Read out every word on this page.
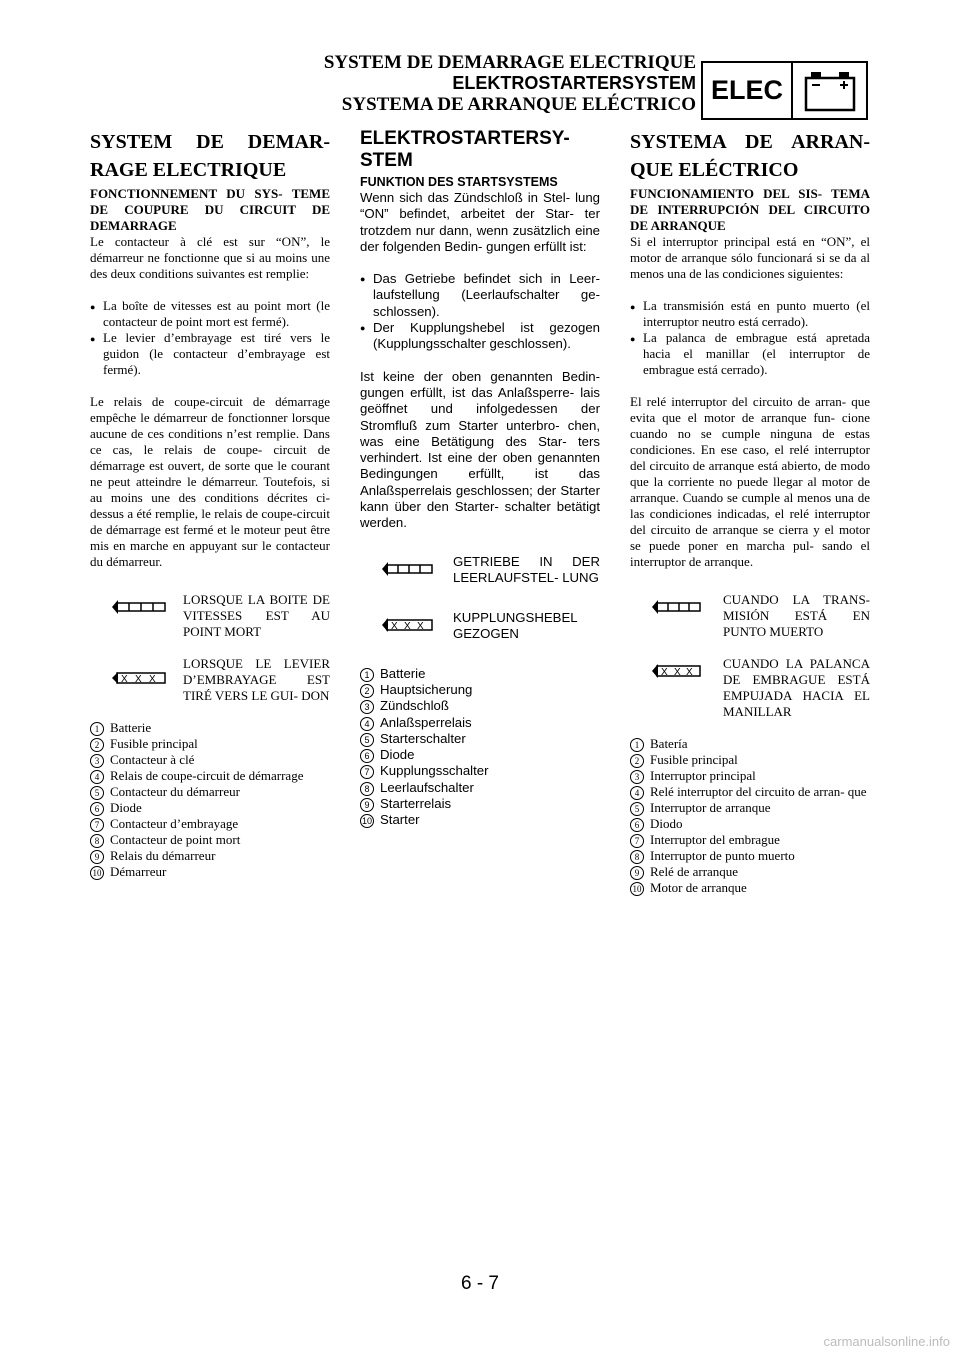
SYSTEM DE DEMARRAGE ELECTRIQUE
ELEKTROSTARTERSYSTEM
SYSTEMA DE ARRANQUE ELÉCTRICO ELEC
SYSTEM DE DEMAR- RAGE ELECTRIQUE
FONCTIONNEMENT DU SYS- TEME DE COUPURE DU CIRCUIT DE DEMARRAGE

Le contacteur à clé est sur “ON”, le démarreur ne fonctionne que si au moins une des deux conditions suivantes est remplie:

● La boîte de vitesses est au point mort (le contacteur de point mort est fermé).
● Le levier d’embrayage est tiré vers le guidon (le contacteur d’embrayage est fermé).

Le relais de coupe-circuit de démarrage empêche le démarreur de fonctionner lorsque aucune de ces conditions n’est remplie. Dans ce cas, le relais de coupe- circuit de démarrage est ouvert, de sorte que le courant ne peut atteindre le démarreur. Toutefois, si au moins une des conditions décrites ci-dessus a été remplie, le relais de coupe-circuit de démarrage est fermé et le moteur peut être mis en marche en appuyant sur le contacteur du démarreur.

LORSQUE LA BOITE DE VITESSES EST AU POINT MORT
X X X
LORSQUE LE LEVIER D’EMBRAYAGE EST TIRÉ VERS LE GUI- DON
1 Batterie
2 Fusible principal
3 Contacteur à clé
4 Relais de coupe-circuit de démarrage
5 Contacteur du démarreur
6 Diode
7 Contacteur d’embrayage
8 Contacteur de point mort
9 Relais du démarreur
10 Démarreur
ELEKTROSTARTERSY- STEM
FUNKTION DES STARTSYSTEMS

Wenn sich das Zündschloß in Stel- lung “ON” befindet, arbeitet der Star- ter trotzdem nur dann, wenn zusätzlich eine der folgenden Bedin- gungen erfüllt ist:

● Das Getriebe befindet sich in Leer- laufstellung (Leerlaufschalter ge- schlossen).
● Der Kupplungshebel ist gezogen (Kupplungsschalter geschlossen).

Ist keine der oben genannten Bedin- gungen erfüllt, ist das Anlaßsperre- lais geöffnet und infolgedessen der Stromfluß zum Starter unterbro- chen, was eine Betätigung des Star- ters verhindert. Ist eine der oben genannten Bedingungen erfüllt, ist das Anlaßsperrelais geschlossen; der Starter kann über den Starter- schalter betätigt werden.

GETRIEBE IN DER LEERLAUFSTEL- LUNG
X X X
KUPPLUNGSHEBEL GEZOGEN
1 Batterie
2 Hauptsicherung
3 Zündschloß
4 Anlaßsperrelais
5 Starterschalter
6 Diode
7 Kupplungsschalter
8 Leerlaufschalter
9 Starterrelais
10 Starter
SYSTEMA DE ARRAN- QUE ELÉCTRICO
FUNCIONAMIENTO DEL SIS- TEMA DE INTERRUPCIÓN DEL CIRCUITO DE ARRANQUE

Si el interruptor principal está en “ON”, el motor de arranque sólo funcionará si se da al menos una de las condiciones siguientes:

● La transmisión está en punto muerto (el interruptor neutro está cerrado).
● La palanca de embrague está apretada hacia el manillar (el interruptor de embrague está cerrado).

El relé interruptor del circuito de arran- que evita que el motor de arranque fun- cione cuando no se cumple ninguna de estas condiciones. En ese caso, el relé interruptor del circuito de arranque está abierto, de modo que la corriente no puede llegar al motor de arranque. Cuando se cumple al menos una de las condiciones indicadas, el relé interruptor del circuito de arranque se cierra y el motor se puede poner en marcha pul- sando el interruptor de arranque.

CUANDO LA TRANS- MISIÓN ESTÁ EN PUNTO MUERTO
X X X
CUANDO LA PALANCA DE EMBRAGUE ESTÁ EMPUJADA HACIA EL MANILLAR
1 Batería
2 Fusible principal
3 Interruptor principal
4 Relé interruptor del circuito de arran- que
5 Interruptor de arranque
6 Diodo
7 Interruptor del embrague
8 Interruptor de punto muerto
9 Relé de arranque
10 Motor de arranque
6 - 7
carmanualsonline.info
